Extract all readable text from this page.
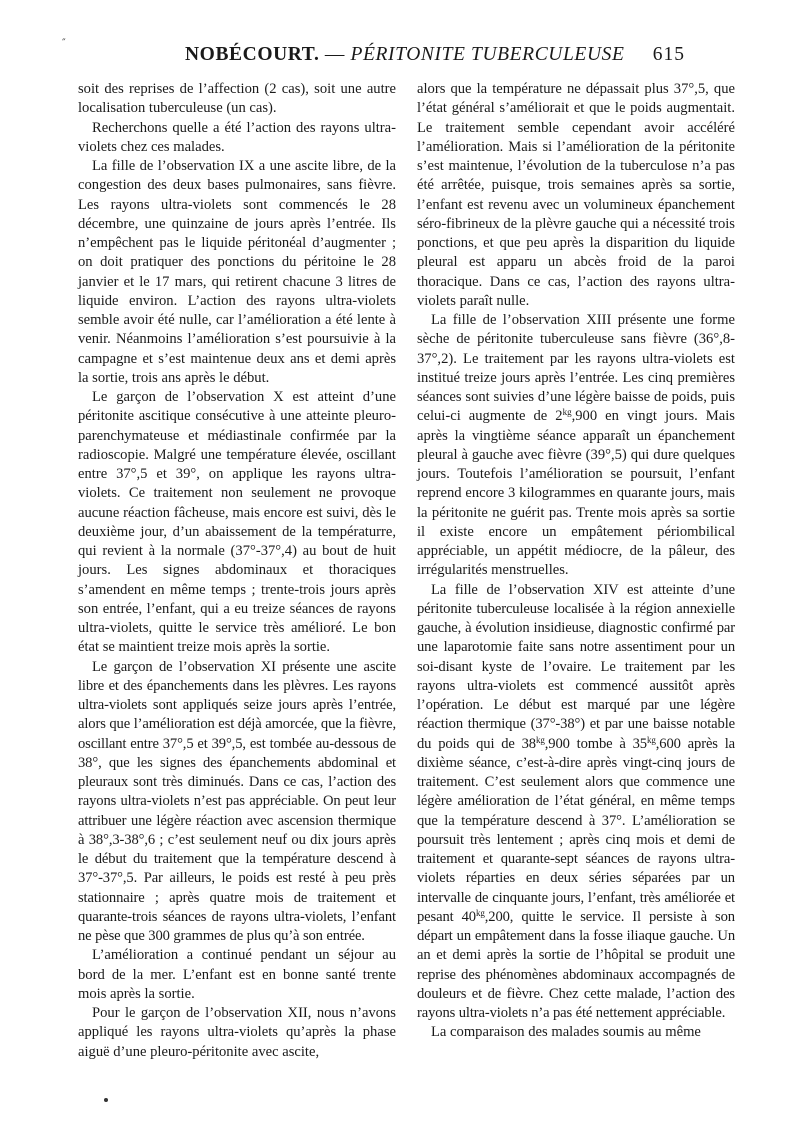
″
NOBÉCOURT. — PÉRITONITE TUBERCULEUSE 615

soit des reprises de l’affection (2 cas), soit une autre localisation tuberculeuse (un cas).

Recherchons quelle a été l’action des rayons ultra-violets chez ces malades.

La fille de l’observation IX a une ascite libre, de la congestion des deux bases pulmonaires, sans fièvre. Les rayons ultra-violets sont commencés le 28 décembre, une quinzaine de jours après l’entrée. Ils n’empêchent pas le liquide péritonéal d’augmenter ; on doit pratiquer des ponctions du péritoine le 28 janvier et le 17 mars, qui retirent chacune 3 litres de liquide environ. L’action des rayons ultra-violets semble avoir été nulle, car l’amélioration a été lente à venir. Néanmoins l’amélioration s’est poursuivie à la campagne et s’est maintenue deux ans et demi après la sortie, trois ans après le début.

Le garçon de l’observation X est atteint d’une péritonite ascitique consécutive à une atteinte pleuro-parenchymateuse et médiastinale confirmée par la radioscopie. Malgré une température élevée, oscillant entre 37°,5 et 39°, on applique les rayons ultra-violets. Ce traitement non seulement ne provoque aucune réaction fâcheuse, mais encore est suivi, dès le deuxième jour, d’un abaissement de la températurre, qui revient à la normale (37°-37°,4) au bout de huit jours. Les signes abdominaux et thoraciques s’amendent en même temps ; trente-trois jours après son entrée, l’enfant, qui a eu treize séances de rayons ultra-violets, quitte le service très amélioré. Le bon état se maintient treize mois après la sortie.

Le garçon de l’observation XI présente une ascite libre et des épanchements dans les plèvres. Les rayons ultra-violets sont appliqués seize jours après l’entrée, alors que l’amélioration est déjà amorcée, que la fièvre, oscillant entre 37°,5 et 39°,5, est tombée au-dessous de 38°, que les signes des épanchements abdominal et pleuraux sont très diminués. Dans ce cas, l’action des rayons ultra-violets n’est pas appréciable. On peut leur attribuer une légère réaction avec ascension thermique à 38°,3-38°,6 ; c’est seulement neuf ou dix jours après le début du traitement que la température descend à 37°-37°,5. Par ailleurs, le poids est resté à peu près stationnaire ; après quatre mois de traitement et quarante-trois séances de rayons ultra-violets, l’enfant ne pèse que 300 grammes de plus qu’à son entrée.

L’amélioration a continué pendant un séjour au bord de la mer. L’enfant est en bonne santé trente mois après la sortie.

Pour le garçon de l’observation XII, nous n’avons appliqué les rayons ultra-violets qu’après la phase aiguë d’une pleuro-péritonite avec ascite,

alors que la température ne dépassait plus 37°,5, que l’état général s’améliorait et que le poids augmentait. Le traitement semble cependant avoir accéléré l’amélioration. Mais si l’amélioration de la péritonite s’est maintenue, l’évolution de la tuberculose n’a pas été arrêtée, puisque, trois semaines après sa sortie, l’enfant est revenu avec un volumineux épanchement séro-fibrineux de la plèvre gauche qui a nécessité trois ponctions, et que peu après la disparition du liquide pleural est apparu un abcès froid de la paroi thoracique. Dans ce cas, l’action des rayons ultra-violets paraît nulle.

La fille de l’observation XIII présente une forme sèche de péritonite tuberculeuse sans fièvre (36°,8-37°,2). Le traitement par les rayons ultra-violets est institué treize jours après l’entrée. Les cinq premières séances sont suivies d’une légère baisse de poids, puis celui-ci augmente de $2^{kg},900$ en vingt jours. Mais après la vingtième séance apparaît un épanchement pleural à gauche avec fièvre (39°,5) qui dure quelques jours. Toutefois l’amélioration se poursuit, l’enfant reprend encore 3 kilogrammes en quarante jours, mais la péritonite ne guérit pas. Trente mois après sa sortie il existe encore un empâtement périombilical appréciable, un appétit médiocre, de la pâleur, des irrégularités menstruelles.

La fille de l’observation XIV est atteinte d’une péritonite tuberculeuse localisée à la région annexielle gauche, à évolution insidieuse, diagnostic confirmé par une laparotomie faite sans notre assentiment pour un soi-disant kyste de l’ovaire. Le traitement par les rayons ultra-violets est commencé aussitôt après l’opération. Le début est marqué par une légère réaction thermique (37°-38°) et par une baisse notable du poids qui de $38^{kg},900$ tombe à $35^{kg},600$ après la dixième séance, c’est-à-dire après vingt-cinq jours de traitement. C’est seulement alors que commence une légère amélioration de l’état général, en même temps que la température descend à 37°. L’amélioration se poursuit très lentement ; après cinq mois et demi de traitement et quarante-sept séances de rayons ultra-violets réparties en deux séries séparées par un intervalle de cinquante jours, l’enfant, très améliorée et pesant $40^{kg},200$, quitte le service. Il persiste à son départ un empâtement dans la fosse iliaque gauche. Un an et demi après la sortie de l’hôpital se produit une reprise des phénomènes abdominaux accompagnés de douleurs et de fièvre. Chez cette malade, l’action des rayons ultra-violets n’a pas été nettement appréciable.

La comparaison des malades soumis au même
